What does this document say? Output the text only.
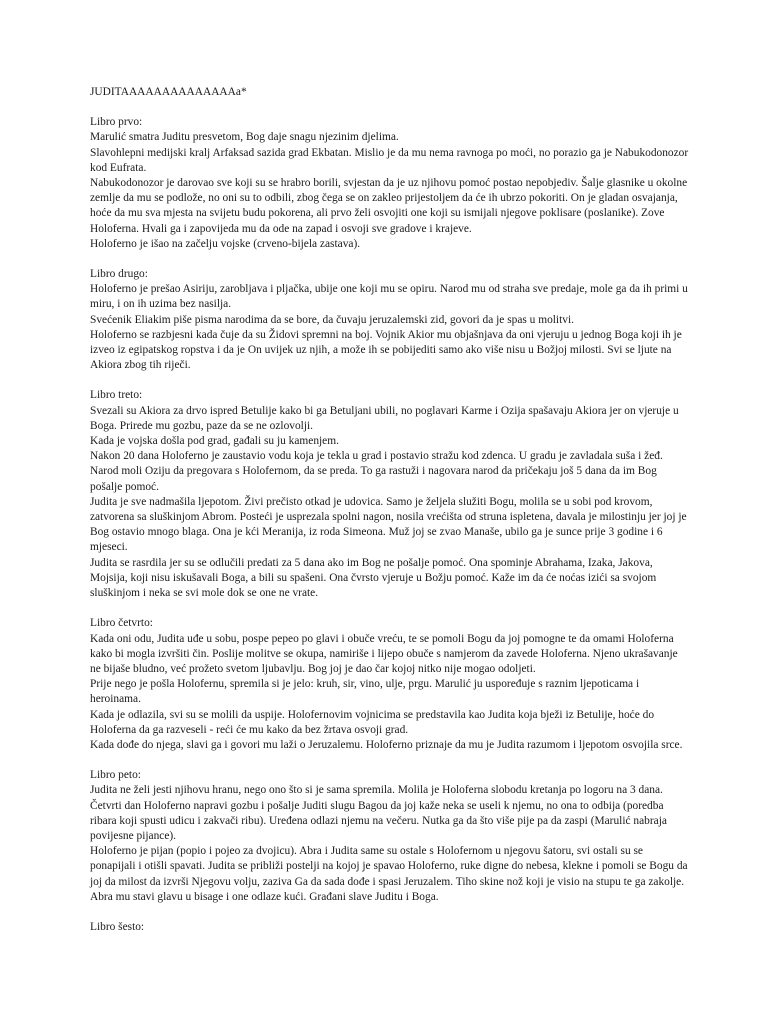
JUDITAAAAAAAAAAAAAAa*

Libro prvo:

Marulić smatra Juditu presvetom, Bog daje snagu njezinim djelima.

Slavohlepni medijski kralj Arfaksad sazida grad Ekbatan. Mislio je da mu nema ravnoga po moći, no porazio ga je Nabukodonozor kod Eufrata.

Nabukodonozor je darovao sve koji su se hrabro borili, svjestan da je uz njihovu pomoć postao nepobjediv. Šalje glasnike u okolne zemlje da mu se podlože, no oni su to odbili, zbog čega se on zakleo prijestoljem da će ih ubrzo pokoriti. On je gladan osvajanja, hoće da mu sva mjesta na svijetu budu pokorena, ali prvo želi osvojiti one koji su ismijali njegove poklisare (poslanike). Zove Holoferna. Hvali ga i zapovijeda mu da ode na zapad i osvoji sve gradove i krajeve.

Holoferno je išao na začelju vojske (crveno-bijela zastava).

Libro drugo:

Holoferno je prešao Asiriju, zarobljava i pljačka, ubije one koji mu se opiru. Narod mu od straha sve predaje, mole ga da ih primi u miru, i on ih uzima bez nasilja.

Svećenik Eliakim piše pisma narodima da se bore, da čuvaju jeruzalemski zid, govori da je spas u molitvi.

Holoferno se razbjesni kada čuje da su Židovi spremni na boj. Vojnik Akior mu objašnjava da oni vjeruju u jednog Boga koji ih je izveo iz egipatskog ropstva i da je On uvijek uz njih, a može ih se pobijediti samo ako više nisu u Božjoj milosti. Svi se ljute na Akiora zbog tih riječi.

Libro treto:

Svezali su Akiora za drvo ispred Betulije kako bi ga Betuljani ubili, no poglavari Karme i Ozija spašavaju Akiora jer on vjeruje u Boga. Prirede mu gozbu, paze da se ne ozlovolji.

Kada je vojska došla pod grad, gađali su ju kamenjem.

Nakon 20 dana Holoferno je zaustavio vodu koja je tekla u grad i postavio stražu kod zdenca. U gradu je zavladala suša i žeđ. Narod moli Oziju da pregovara s Holofernom, da se preda. To ga rastuži i nagovara narod da pričekaju još 5 dana da im Bog pošalje pomoć.

Judita je sve nadmašila ljepotom. Živi prečisto otkad je udovica. Samo je željela služiti Bogu, molila se u sobi pod krovom, zatvorena sa sluškinjom Abrom. Posteći je usprezala spolni nagon, nosila vrećišta od struna ispletena, davala je milostinju jer joj je Bog ostavio mnogo blaga. Ona je kći Meranija, iz roda Simeona. Muž joj se zvao Manaše, ubilo ga je sunce prije 3 godine i 6 mjeseci.

Judita se rasrdila jer su se odlučili predati za 5 dana ako im Bog ne pošalje pomoć. Ona spominje Abrahama, Izaka, Jakova, Mojsija, koji nisu iskušavali Boga, a bili su spašeni. Ona čvrsto vjeruje u Božju pomoć. Kaže im da će noćas izići sa svojom sluškinjom i neka se svi mole dok se one ne vrate.

Libro četvrto:

Kada oni odu, Judita uđe u sobu, pospe pepeo po glavi i obuče vreću, te se pomoli Bogu da joj pomogne te da omami Holoferna kako bi mogla izvršiti čin. Poslije molitve se okupa, namiriše i lijepo obuče s namjerom da zavede Holoferna. Njeno ukrašavanje ne bijaše bludno, već prožeto svetom ljubavlju. Bog joj je dao čar kojoj nitko nije mogao odoljeti.

Prije nego je pošla Holofernu, spremila si je jelo: kruh, sir, vino, ulje, prgu. Marulić ju uspoređuje s raznim ljepoticama i heroinama.

Kada je odlazila, svi su se molili da uspije. Holofernovim vojnicima se predstavila kao Judita koja bježi iz Betulije, hoće do Holoferna da ga razveseli - reći će mu kako da bez žrtava osvoji grad.

Kada dođe do njega, slavi ga i govori mu laži o Jeruzalemu. Holoferno priznaje da mu je Judita razumom i ljepotom osvojila srce.

Libro peto:

Judita ne želi jesti njihovu hranu, nego ono što si je sama spremila. Molila je Holoferna slobodu kretanja po logoru na 3 dana. Četvrti dan Holoferno napravi gozbu i pošalje Juditi slugu Bagou da joj kaže neka se useli k njemu, no ona to odbija (poredba ribara koji spusti udicu i zakvači ribu). Uređena odlazi njemu na večeru. Nutka ga da što više pije pa da zaspi (Marulić nabraja povijesne pijance).

Holoferno je pijan (popio i pojeo za dvojicu). Abra i Judita same su ostale s Holofernom u njegovu šatoru, svi ostali su se ponapijali i otišli spavati. Judita se približi postelji na kojoj je spavao Holoferno, ruke digne do nebesa, klekne i pomoli se Bogu da joj da milost da izvrši Njegovu volju, zaziva Ga da sada dođe i spasi Jeruzalem. Tiho skine nož koji je visio na stupu te ga zakolje. Abra mu stavi glavu u bisage i one odlaze kući. Građani slave Juditu i Boga.

Libro šesto:
